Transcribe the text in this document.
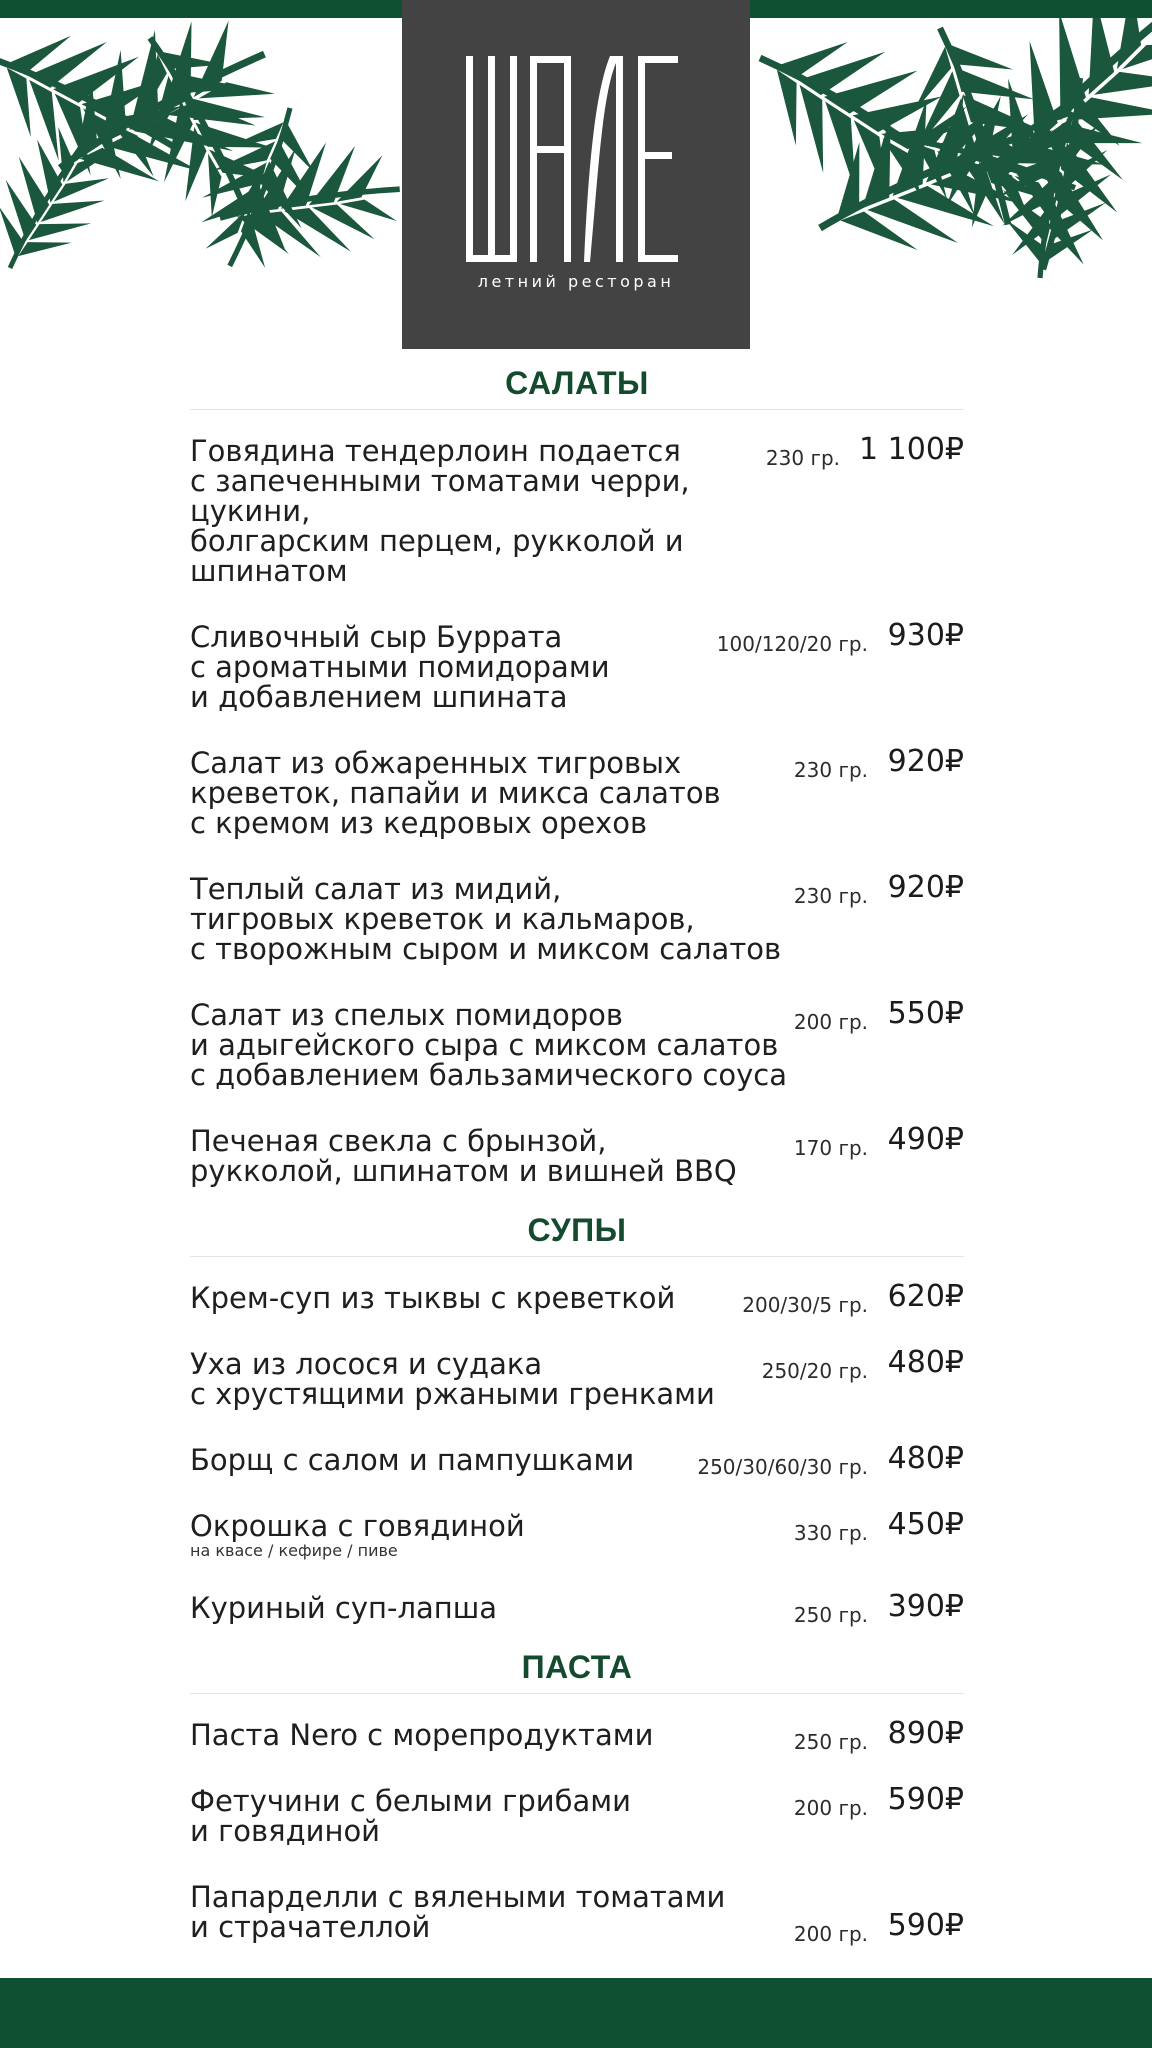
летний ресторан
САЛАТЫ
Говядина тендерлоин подается
с запеченными томатами черри, цукини,
болгарским перцем, рукколой и шпинатом
230 гр. 1 100₽
Сливочный сыр Буррата
с ароматными помидорами
и добавлением шпината
100/120/20 гр. 930₽
Салат из обжаренных тигровых
креветок, папайи и микса салатов
с кремом из кедровых орехов
230 гр. 920₽
Теплый салат из мидий,
тигровых креветок и кальмаров,
с творожным сыром и миксом салатов
230 гр. 920₽
Салат из спелых помидоров
и адыгейского сыра с миксом салатов
с добавлением бальзамического соуса
200 гр. 550₽
Печеная свекла с брынзой,
рукколой, шпинатом и вишней BBQ
170 гр. 490₽
СУПЫ
Крем-суп из тыквы с креветкой	200/30/5 гр. 620₽
Уха из лосося и судака
с хрустящими ржаными гренками
250/20 гр. 480₽
Борщ с салом и пампушками	250/30/60/30 гр. 480₽
Окрошка с говядиной
на квасе / кефире / пиве
330 гр. 450₽
Куриный суп-лапша	250 гр. 390₽
ПАСТА
Паста Nero с морепродуктами	250 гр. 890₽
Фетучини с белыми грибами
и говядиной
200 гр. 590₽
Папарделли с вялеными томатами
и страчателлой	200 гр. 590₽
